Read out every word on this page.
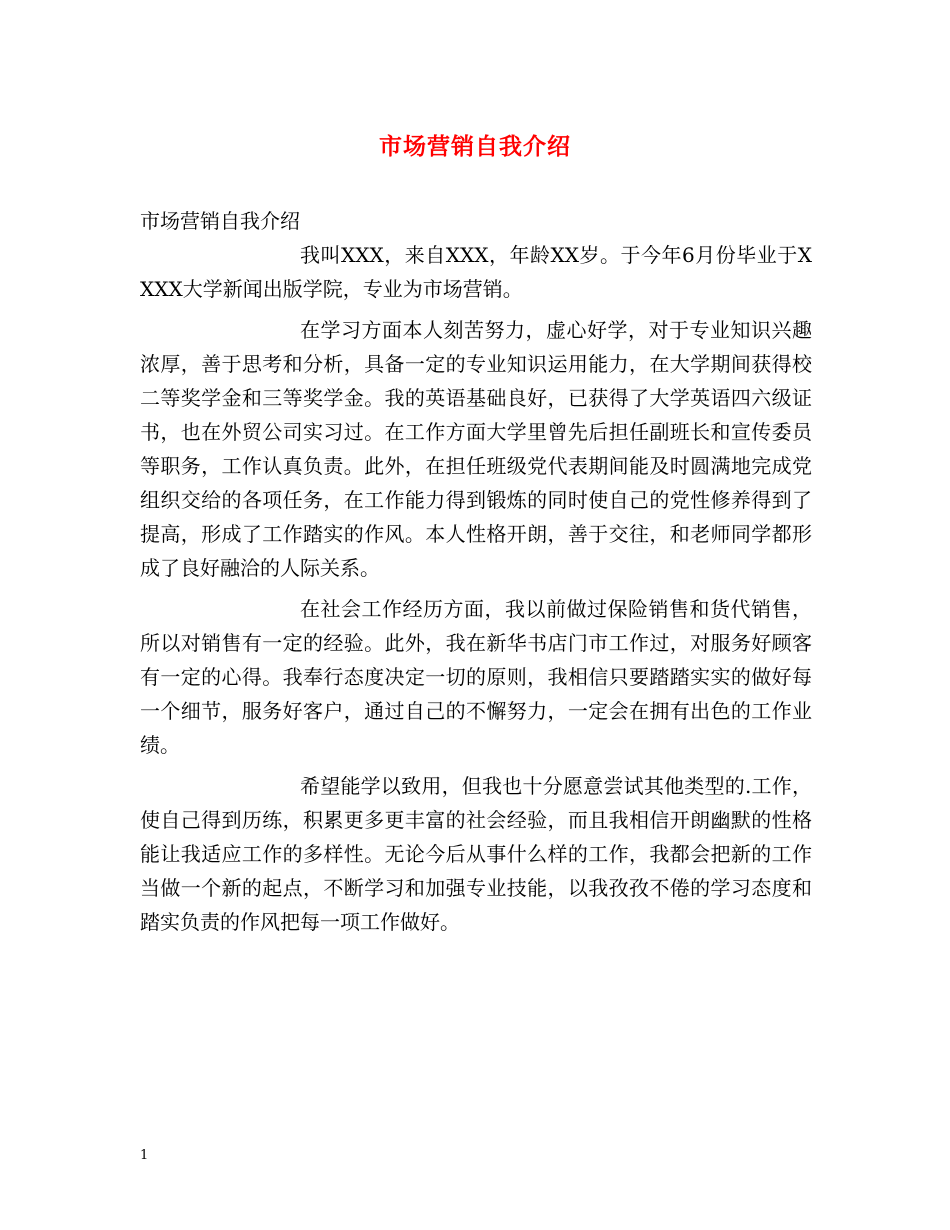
市场营销自我介绍

市场营销自我介绍

我叫XXX，来自XXX，年龄XX岁。于今年6月份毕业于XXXX大学新闻出版学院，专业为市场营销。

在学习方面本人刻苦努力，虚心好学，对于专业知识兴趣浓厚，善于思考和分析，具备一定的专业知识运用能力，在大学期间获得校二等奖学金和三等奖学金。我的英语基础良好，已获得了大学英语四六级证书，也在外贸公司实习过。在工作方面大学里曾先后担任副班长和宣传委员等职务，工作认真负责。此外，在担任班级党代表期间能及时圆满地完成党组织交给的各项任务，在工作能力得到锻炼的同时使自己的党性修养得到了提高，形成了工作踏实的作风。本人性格开朗，善于交往，和老师同学都形成了良好融洽的人际关系。

在社会工作经历方面，我以前做过保险销售和货代销售，所以对销售有一定的经验。此外，我在新华书店门市工作过，对服务好顾客有一定的心得。我奉行态度决定一切的原则，我相信只要踏踏实实的做好每一个细节，服务好客户，通过自己的不懈努力，一定会在拥有出色的工作业绩。

希望能学以致用，但我也十分愿意尝试其他类型的.工作，使自己得到历练，积累更多更丰富的社会经验，而且我相信开朗幽默的性格能让我适应工作的多样性。无论今后从事什么样的工作，我都会把新的工作当做一个新的起点，不断学习和加强专业技能，以我孜孜不倦的学习态度和踏实负责的作风把每一项工作做好。

1
